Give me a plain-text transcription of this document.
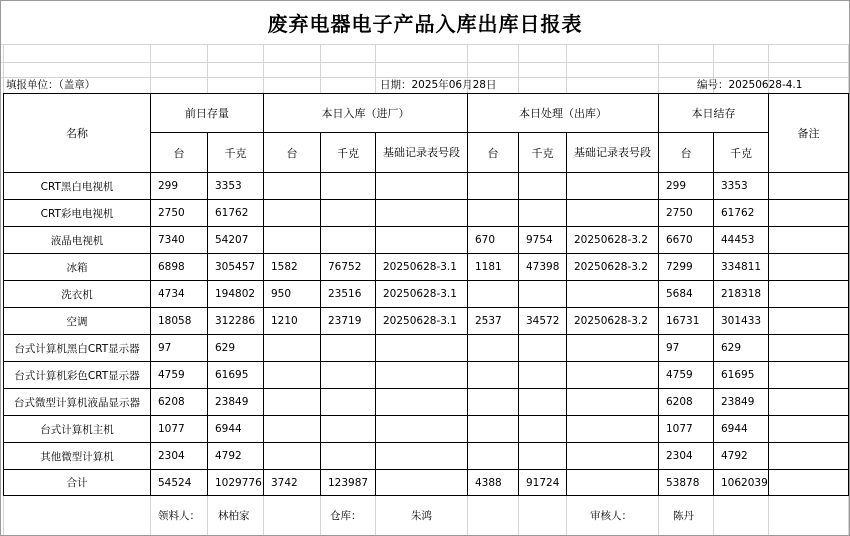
废弃电器电子产品入库出库日报表
填报单位：（盖章）	日期：2025年06月28日	编号：20250628-4.1
名称	前日存量		本日入库（进厂）			本日处理（出库）			本日结存		备注
	台	千克	台	千克	基础记录表号段	台	千克	基础记录表号段	台	千克	
CRT黑白电视机	299	3353							299	3353	
CRT彩电电视机	2750	61762							2750	61762	
液晶电视机	7340	54207				670	9754	20250628-3.2	6670	44453	
冰箱	6898	305457	1582	76752	20250628-3.1	1181	47398	20250628-3.2	7299	334811	
洗衣机	4734	194802	950	23516	20250628-3.1				5684	218318	
空调	18058	312286	1210	23719	20250628-3.1	2537	34572	20250628-3.2	16731	301433	
台式计算机黑白CRT显示器	97	629							97	629	
台式计算机彩色CRT显示器	4759	61695							4759	61695	
台式微型计算机液晶显示器	6208	23849							6208	23849	
台式计算机主机	1077	6944							1077	6944	
其他微型计算机	2304	4792							2304	4792	
合计	54524	1029776	3742	123987		4388	91724		53878	1062039	
领料人： 林柏家	仓库：	朱鸿	审核人：	陈丹
